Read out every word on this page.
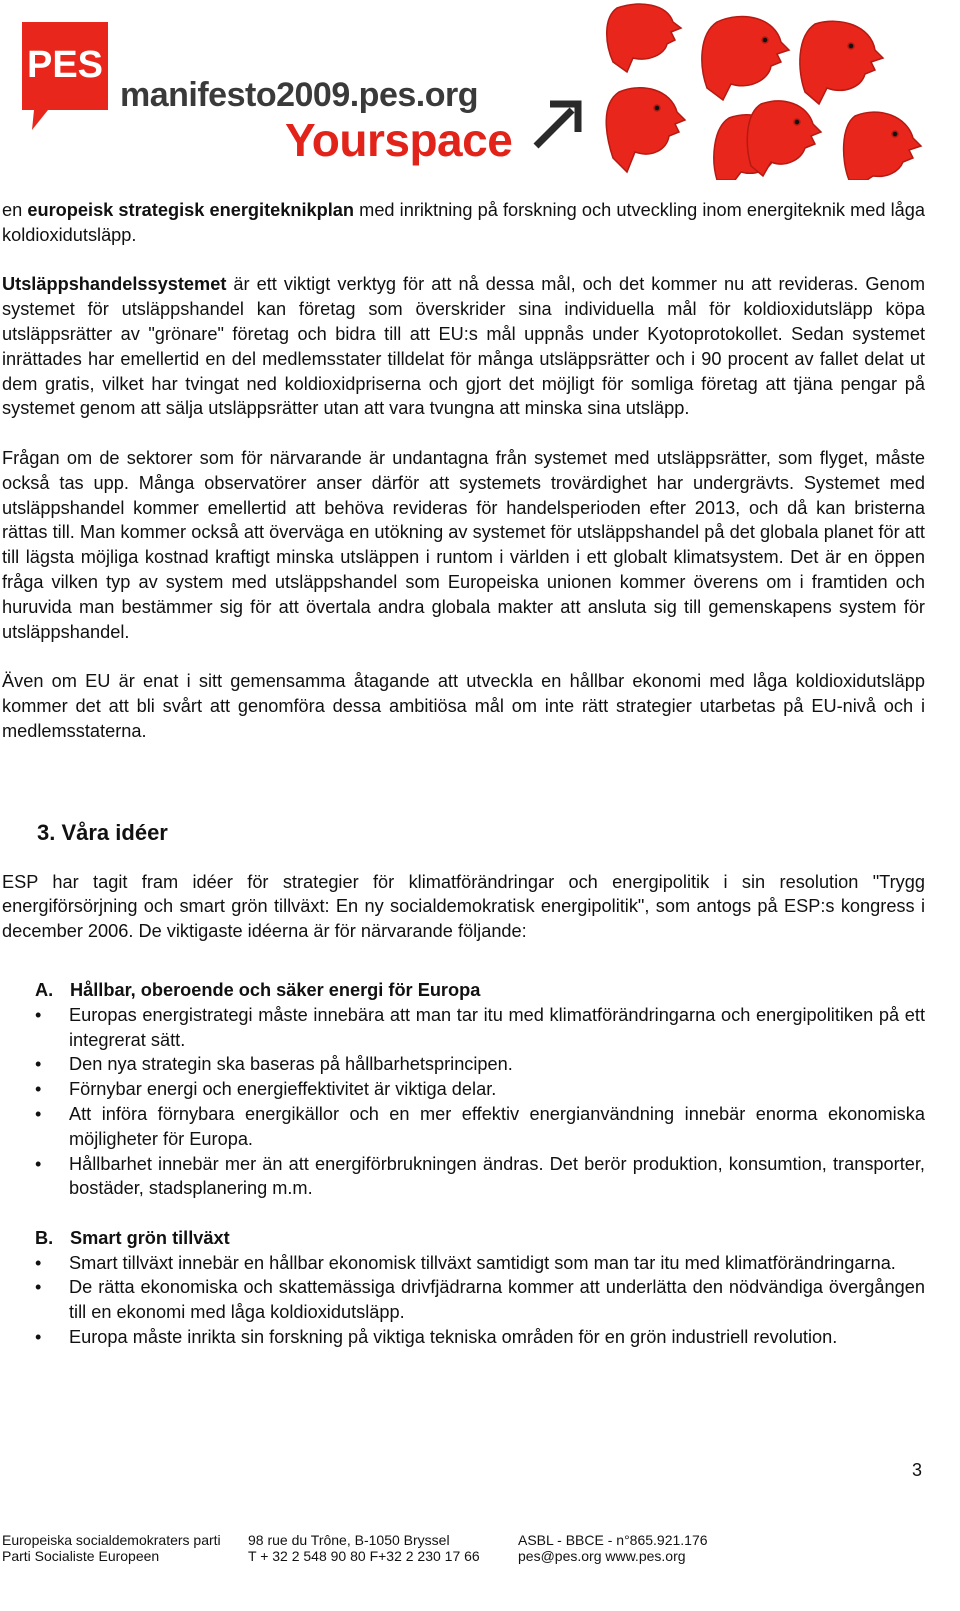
PES
manifesto2009.pes.org
Yourspace

en europeisk strategisk energiteknikplan med inriktning på forskning och utveckling inom energiteknik med låga koldioxidutsläpp.

Utsläppshandelssystemet är ett viktigt verktyg för att nå dessa mål, och det kommer nu att revideras. Genom systemet för utsläppshandel kan företag som överskrider sina individuella mål för koldioxidutsläpp köpa utsläppsrätter av "grönare" företag och bidra till att EU:s mål uppnås under Kyotoprotokollet. Sedan systemet inrättades har emellertid en del medlemsstater tilldelat för många utsläppsrätter och i 90 procent av fallet delat ut dem gratis, vilket har tvingat ned koldioxidpriserna och gjort det möjligt för somliga företag att tjäna pengar på systemet genom att sälja utsläppsrätter utan att vara tvungna att minska sina utsläpp.

Frågan om de sektorer som för närvarande är undantagna från systemet med utsläppsrätter, som flyget, måste också tas upp. Många observatörer anser därför att systemets trovärdighet har undergrävts. Systemet med utsläppshandel kommer emellertid att behöva revideras för handelsperioden efter 2013, och då kan bristerna rättas till. Man kommer också att överväga en utökning av systemet för utsläppshandel på det globala planet för att till lägsta möjliga kostnad kraftigt minska utsläppen i runtom i världen i ett globalt klimatsystem. Det är en öppen fråga vilken typ av system med utsläppshandel som Europeiska unionen kommer överens om i framtiden och huruvida man bestämmer sig för att övertala andra globala makter att ansluta sig till gemenskapens system för utsläppshandel.

Även om EU är enat i sitt gemensamma åtagande att utveckla en hållbar ekonomi med låga koldioxidutsläpp kommer det att bli svårt att genomföra dessa ambitiösa mål om inte rätt strategier utarbetas på EU-nivå och i medlemsstaterna.

3. Våra idéer

ESP har tagit fram idéer för strategier för klimatförändringar och energipolitik i sin resolution "Trygg energiförsörjning och smart grön tillväxt: En ny socialdemokratisk energipolitik", som antogs på ESP:s kongress i december 2006. De viktigaste idéerna är för närvarande följande:

A. Hållbar, oberoende och säker energi för Europa
• Europas energistrategi måste innebära att man tar itu med klimatförändringarna och energipolitiken på ett integrerat sätt.
• Den nya strategin ska baseras på hållbarhetsprincipen.
• Förnybar energi och energieffektivitet är viktiga delar.
• Att införa förnybara energikällor och en mer effektiv energianvändning innebär enorma ekonomiska möjligheter för Europa.
• Hållbarhet innebär mer än att energiförbrukningen ändras. Det berör produktion, konsumtion, transporter, bostäder, stadsplanering m.m.
B. Smart grön tillväxt
• Smart tillväxt innebär en hållbar ekonomisk tillväxt samtidigt som man tar itu med klimatförändringarna.
• De rätta ekonomiska och skattemässiga drivfjädrarna kommer att underlätta den nödvändiga övergången till en ekonomi med låga koldioxidutsläpp.
• Europa måste inrikta sin forskning på viktiga tekniska områden för en grön industriell revolution.
3
Europeiska socialdemokraters parti
Parti Socialiste Europeen
98 rue du Trône, B-1050 Bryssel
T + 32 2 548 90 80 F+32 2 230 17 66
ASBL - BBCE - n°865.921.176
pes@pes.org www.pes.org
